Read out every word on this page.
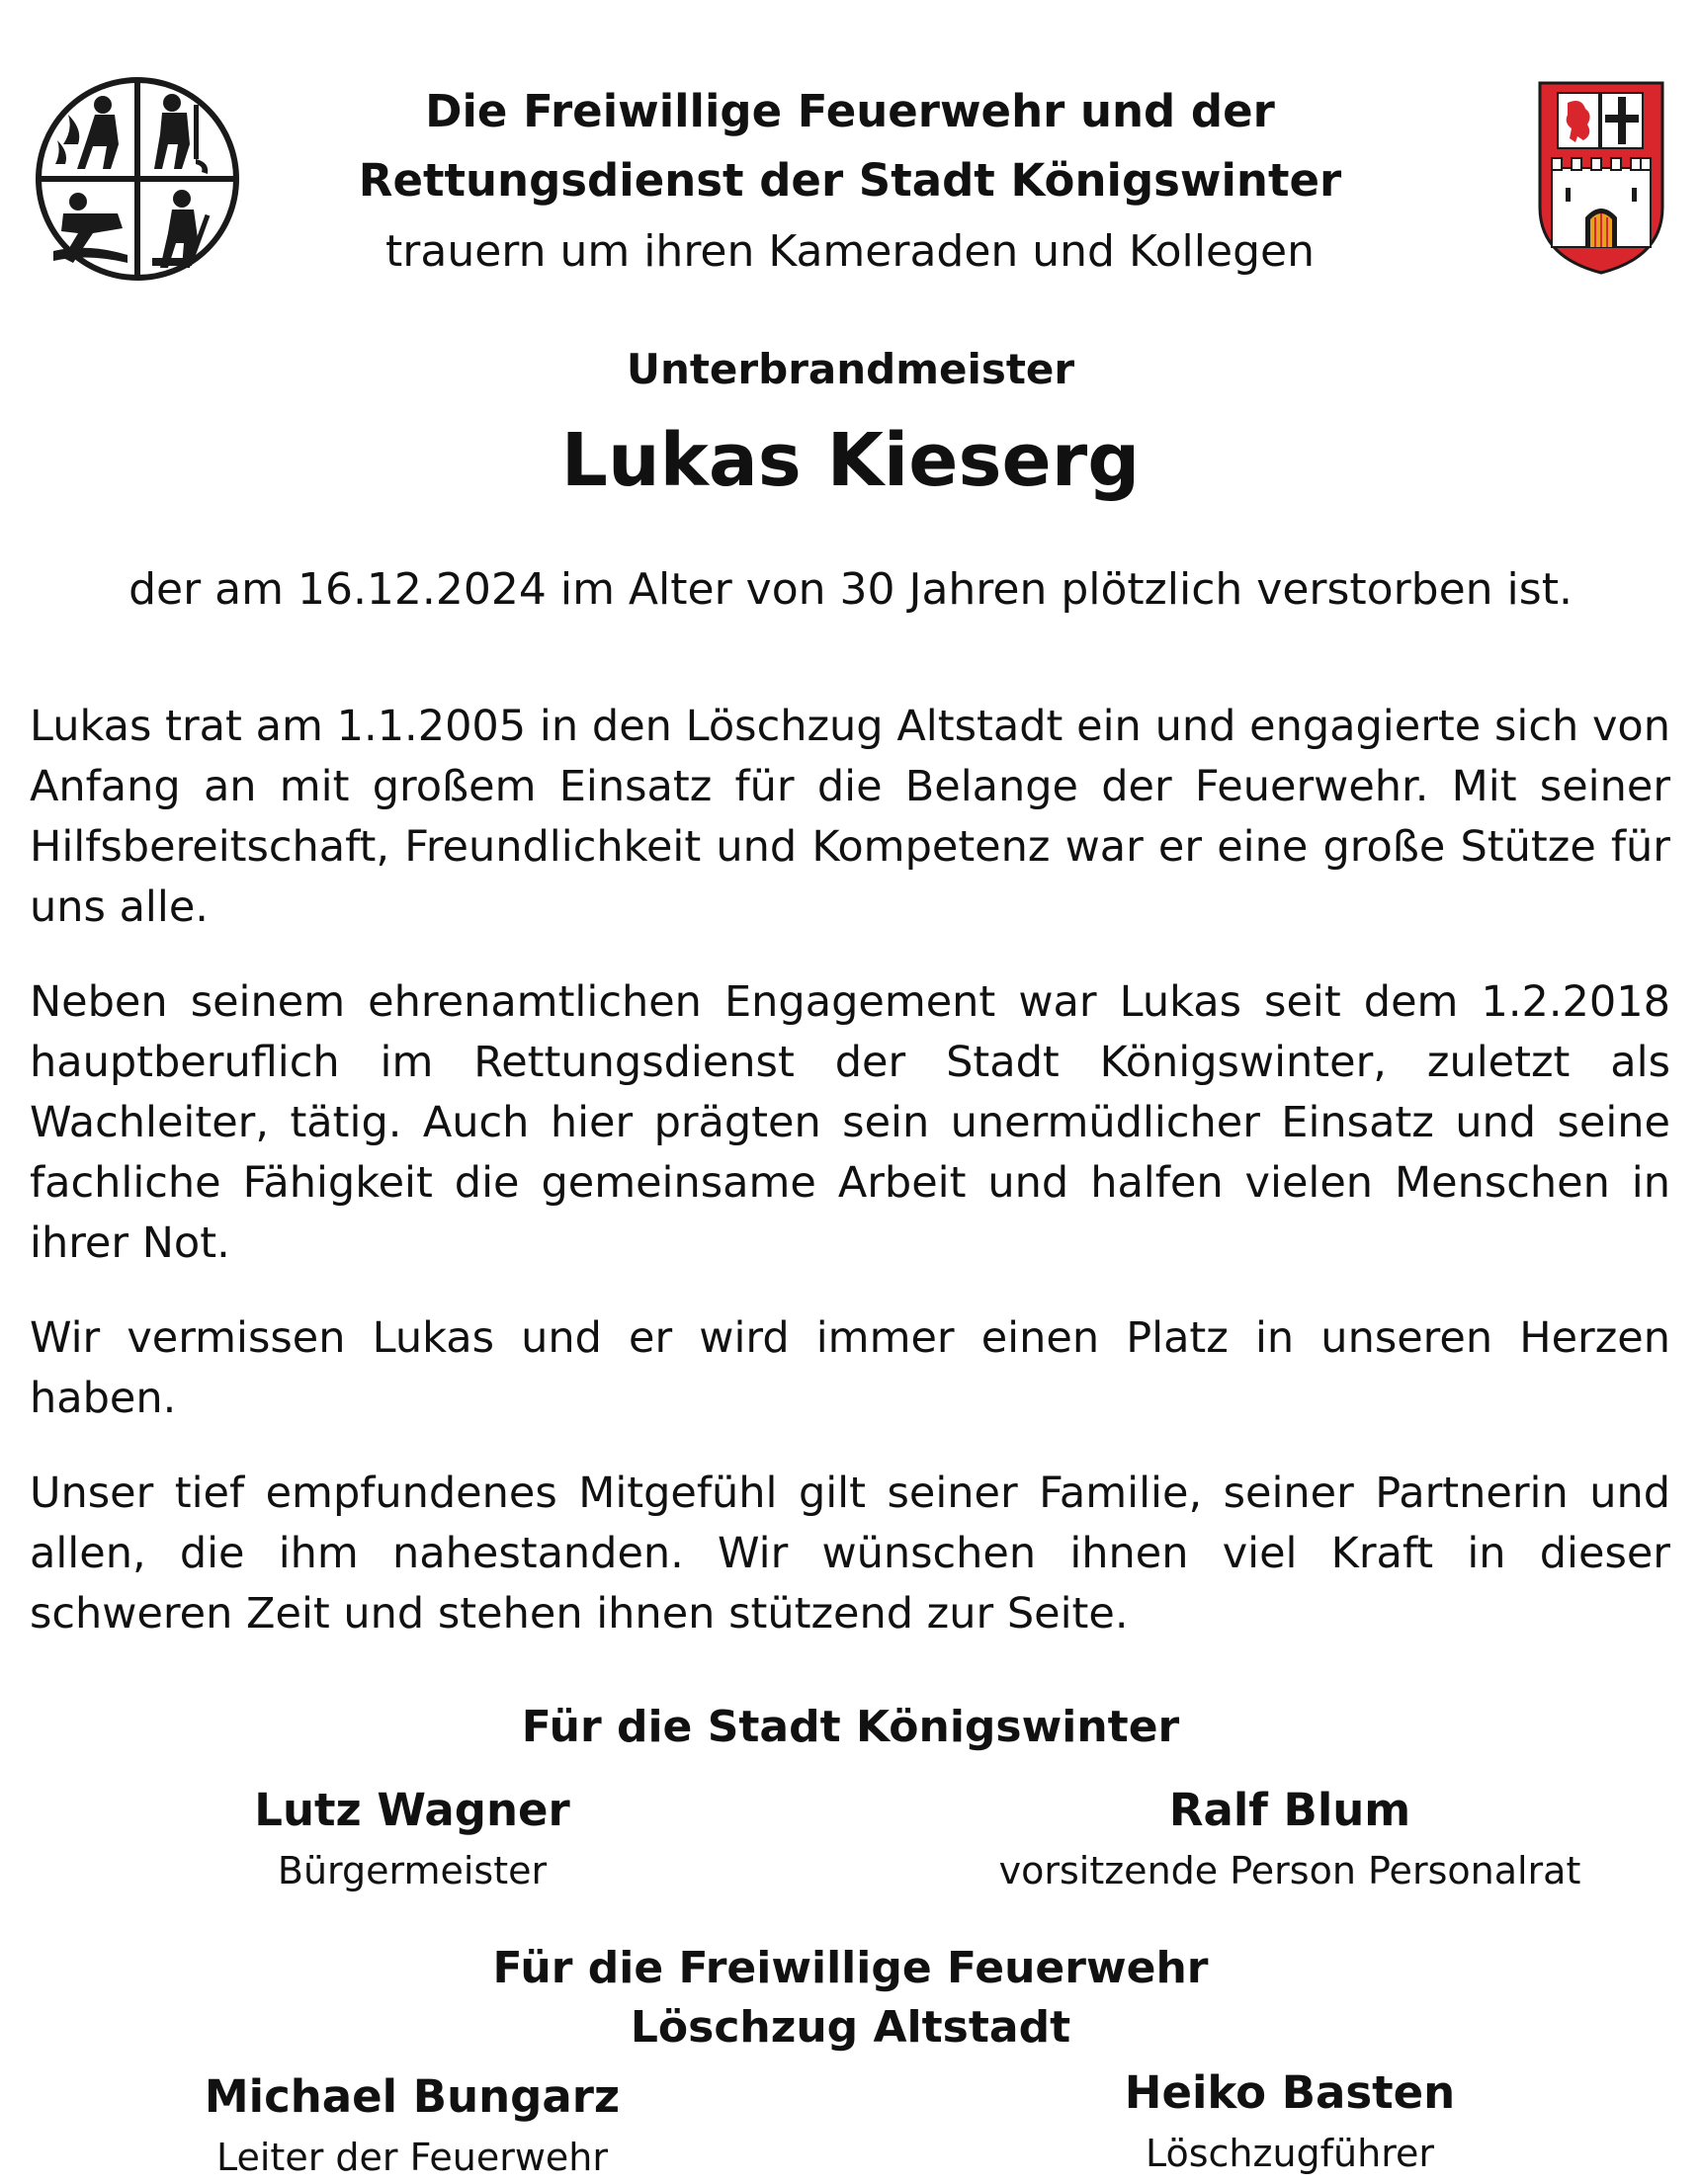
Die Freiwillige Feuerwehr und der
Rettungsdienst der Stadt Königswinter
trauern um ihren Kameraden und Kollegen
Unterbrandmeister
Lukas Kieserg
der am 16.12.2024 im Alter von 30 Jahren plötzlich verstorben ist.

Lukas trat am 1.1.2005 in den Löschzug Altstadt ein und engagierte sich von Anfang an mit großem Einsatz für die Belange der Feuerwehr. Mit seiner Hilfsbereitschaft, Freundlichkeit und Kompetenz war er eine große Stütze für uns alle.

Neben seinem ehrenamtlichen Engagement war Lukas seit dem 1.2.2018 hauptberuflich im Rettungsdienst der Stadt Königswinter, zuletzt als Wachleiter, tätig. Auch hier prägten sein unermüdlicher Einsatz und seine fachliche Fähigkeit die gemeinsame Arbeit und halfen vielen Menschen in ihrer Not.

Wir vermissen Lukas und er wird immer einen Platz in unseren Herzen haben.

Unser tief empfundenes Mitgefühl gilt seiner Familie, seiner Partnerin und allen, die ihm nahestanden. Wir wünschen ihnen viel Kraft in dieser schweren Zeit und stehen ihnen stützend zur Seite.

Für die Stadt Königswinter
Lutz Wagner
Bürgermeister
Ralf Blum
vorsitzende Person Personalrat
Für die Freiwillige Feuerwehr
Löschzug Altstadt
Michael Bungarz
Leiter der Feuerwehr
Heiko Basten
Löschzugführer
